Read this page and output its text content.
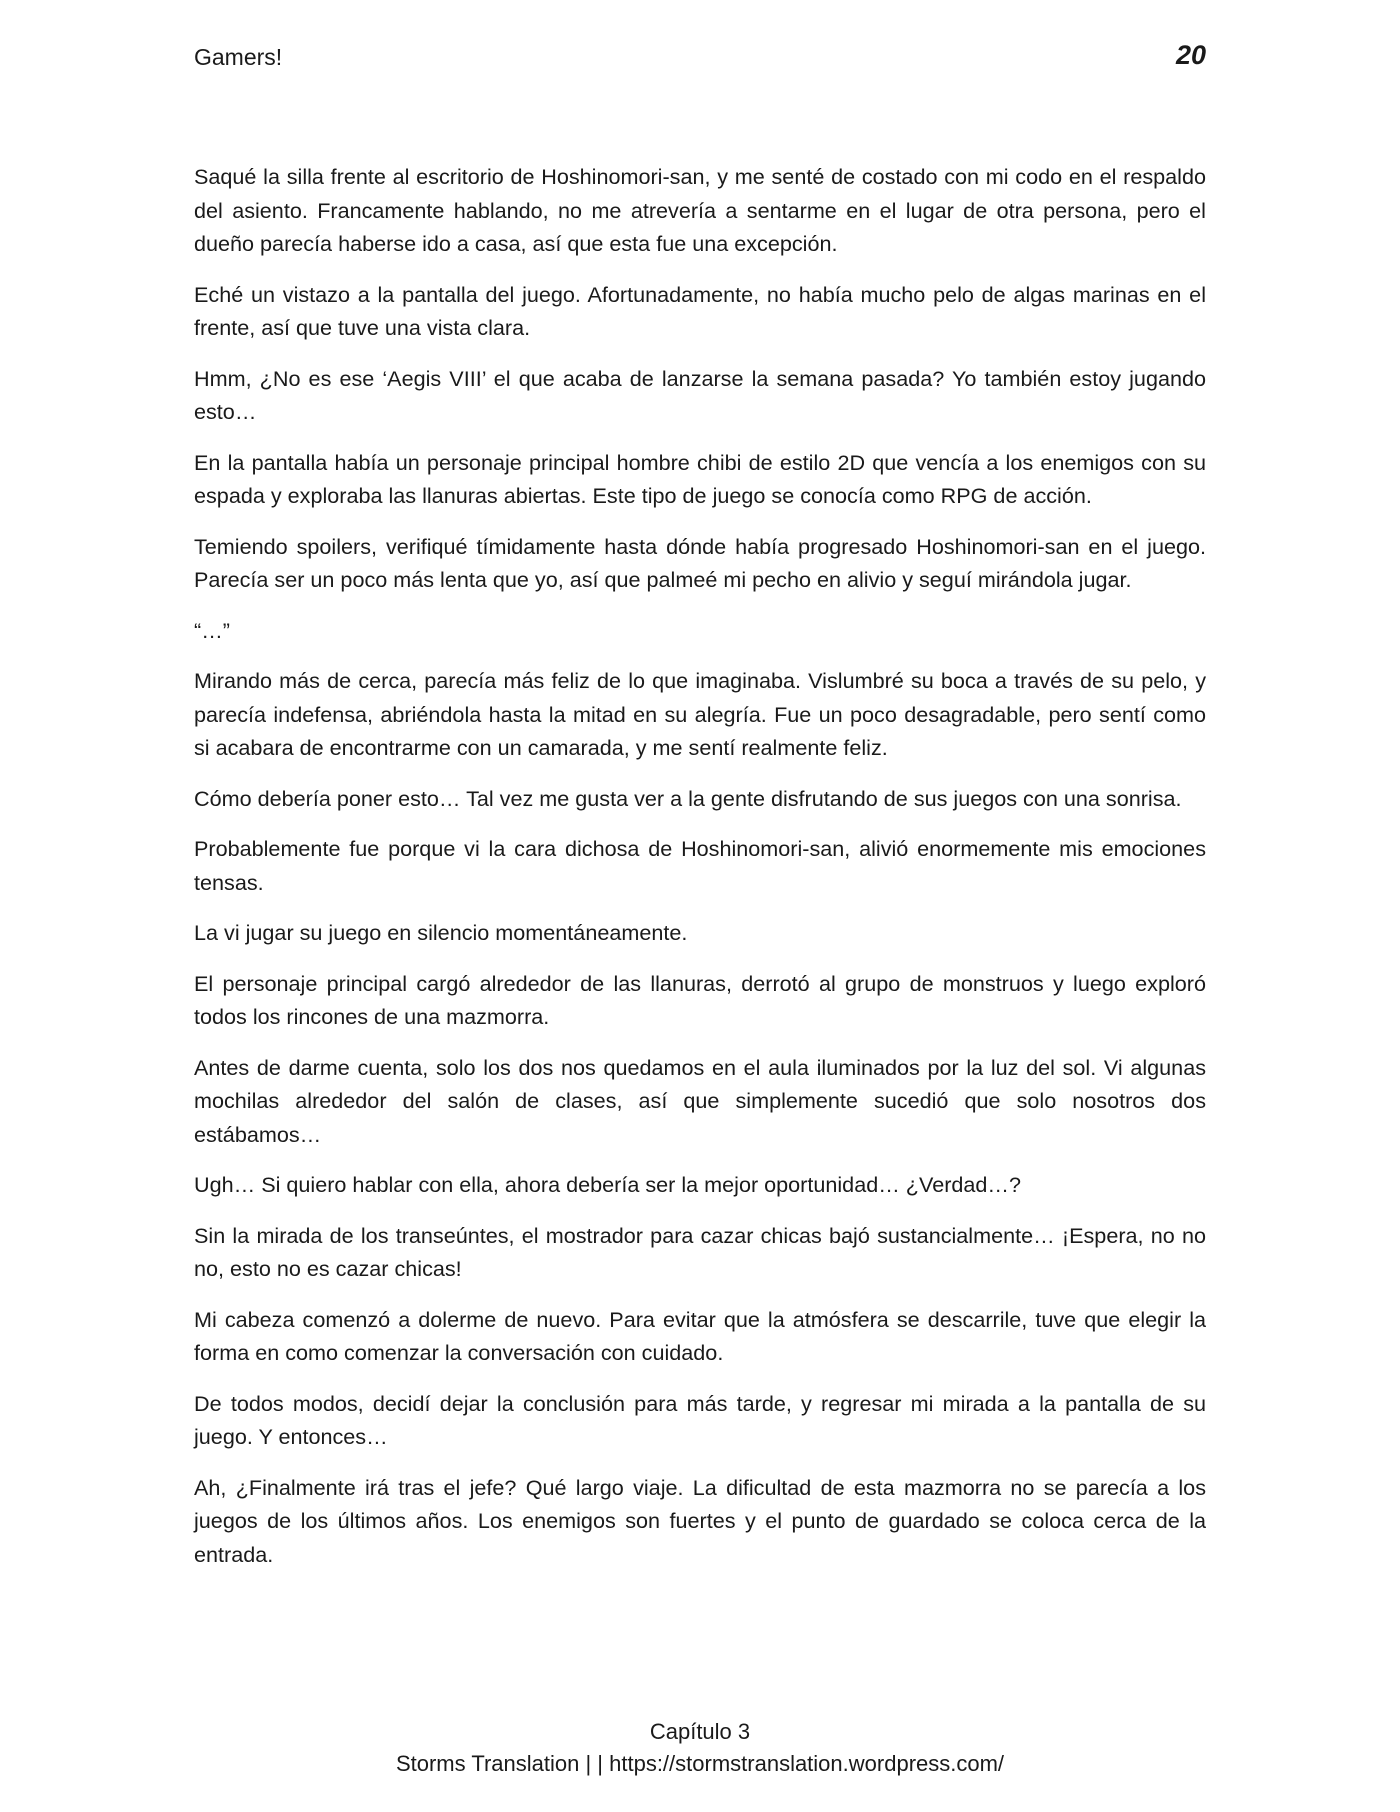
Gamers!	20

Saqué la silla frente al escritorio de Hoshinomori-san, y me senté de costado con mi codo en el respaldo del asiento. Francamente hablando, no me atrevería a sentarme en el lugar de otra persona, pero el dueño parecía haberse ido a casa, así que esta fue una excepción.

Eché un vistazo a la pantalla del juego. Afortunadamente, no había mucho pelo de algas marinas en el frente, así que tuve una vista clara.

Hmm, ¿No es ese ‘Aegis VIII’ el que acaba de lanzarse la semana pasada? Yo también estoy jugando esto…

En la pantalla había un personaje principal hombre chibi de estilo 2D que vencía a los enemigos con su espada y exploraba las llanuras abiertas. Este tipo de juego se conocía como RPG de acción.

Temiendo spoilers, verifiqué tímidamente hasta dónde había progresado Hoshinomori-san en el juego. Parecía ser un poco más lenta que yo, así que palmeé mi pecho en alivio y seguí mirándola jugar.

“…”

Mirando más de cerca, parecía más feliz de lo que imaginaba. Vislumbré su boca a través de su pelo, y parecía indefensa, abriéndola hasta la mitad en su alegría. Fue un poco desagradable, pero sentí como si acabara de encontrarme con un camarada, y me sentí realmente feliz.

Cómo debería poner esto… Tal vez me gusta ver a la gente disfrutando de sus juegos con una sonrisa.

Probablemente fue porque vi la cara dichosa de Hoshinomori-san, alivió enormemente mis emociones tensas.

La vi jugar su juego en silencio momentáneamente.

El personaje principal cargó alrededor de las llanuras, derrotó al grupo de monstruos y luego exploró todos los rincones de una mazmorra.

Antes de darme cuenta, solo los dos nos quedamos en el aula iluminados por la luz del sol. Vi algunas mochilas alrededor del salón de clases, así que simplemente sucedió que solo nosotros dos estábamos…

Ugh… Si quiero hablar con ella, ahora debería ser la mejor oportunidad… ¿Verdad…?

Sin la mirada de los transeúntes, el mostrador para cazar chicas bajó sustancialmente… ¡Espera, no no no, esto no es cazar chicas!

Mi cabeza comenzó a dolerme de nuevo. Para evitar que la atmósfera se descarrile, tuve que elegir la forma en como comenzar la conversación con cuidado.

De todos modos, decidí dejar la conclusión para más tarde, y regresar mi mirada a la pantalla de su juego. Y entonces…

Ah, ¿Finalmente irá tras el jefe? Qué largo viaje. La dificultad de esta mazmorra no se parecía a los juegos de los últimos años. Los enemigos son fuertes y el punto de guardado se coloca cerca de la entrada.

Capítulo 3
Storms Translation | | https://stormstranslation.wordpress.com/
